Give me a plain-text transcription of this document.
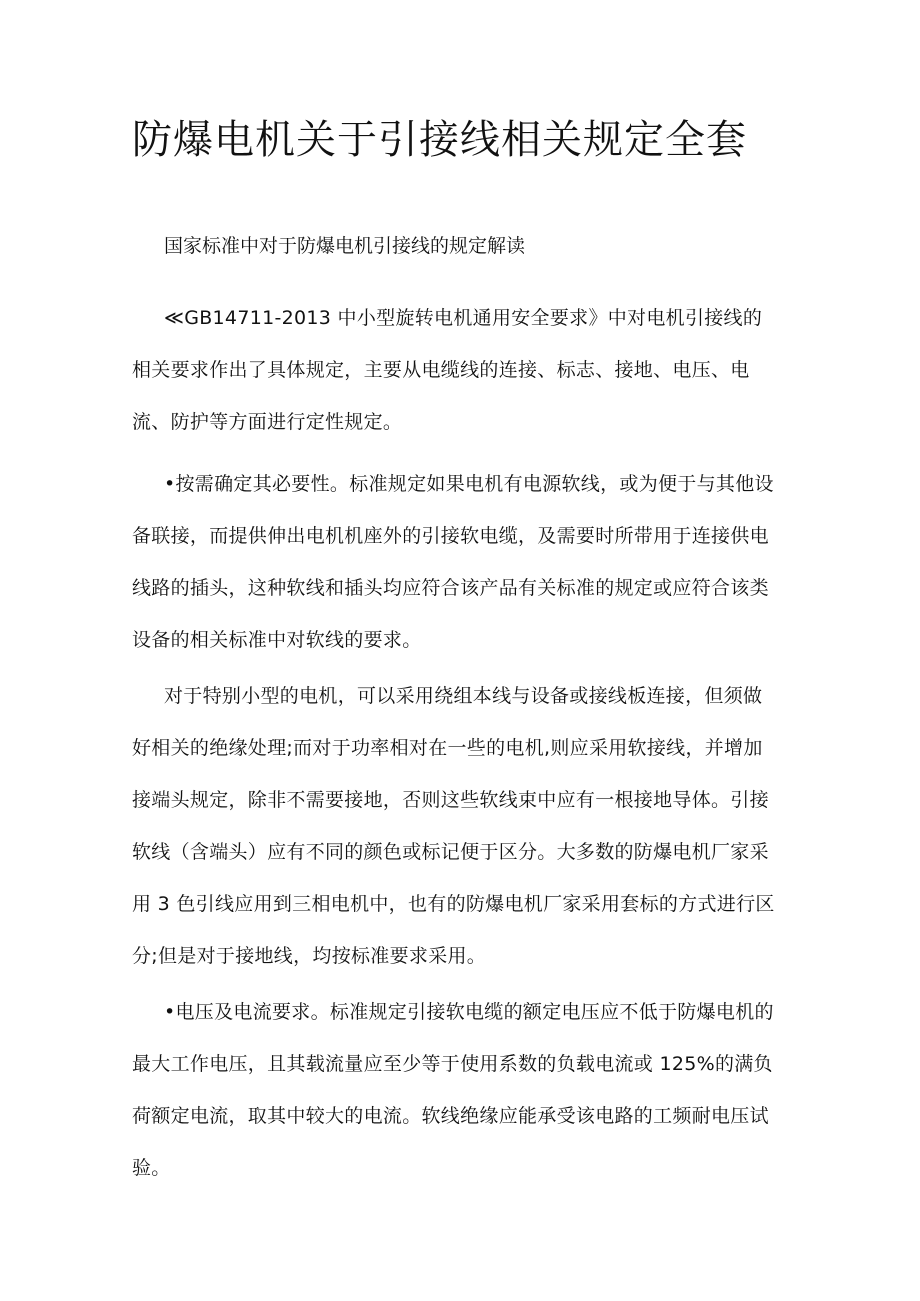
防爆电机关于引接线相关规定全套

国家标准中对于防爆电机引接线的规定解读

≪GB14711-2013 中小型旋转电机通用安全要求》中对电机引接线的
相关要求作出了具体规定，主要从电缆线的连接、标志、接地、电压、电
流、防护等方面进行定性规定。

•按需确定其必要性。标准规定如果电机有电源软线，或为便于与其他设
备联接，而提供伸出电机机座外的引接软电缆，及需要时所带用于连接供电
线路的插头，这种软线和插头均应符合该产品有关标准的规定或应符合该类
设备的相关标准中对软线的要求。

对于特别小型的电机，可以采用绕组本线与设备或接线板连接，但须做
好相关的绝缘处理;而对于功率相对在一些的电机,则应采用软接线，并增加
接端头规定，除非不需要接地，否则这些软线束中应有一根接地导体。引接
软线（含端头）应有不同的颜色或标记便于区分。大多数的防爆电机厂家采
用 3 色引线应用到三相电机中，也有的防爆电机厂家采用套标的方式进行区
分;但是对于接地线，均按标准要求采用。

•电压及电流要求。标准规定引接软电缆的额定电压应不低于防爆电机的
最大工作电压，且其载流量应至少等于使用系数的负载电流或 125%的满负
荷额定电流，取其中较大的电流。软线绝缘应能承受该电路的工频耐电压试
验。
